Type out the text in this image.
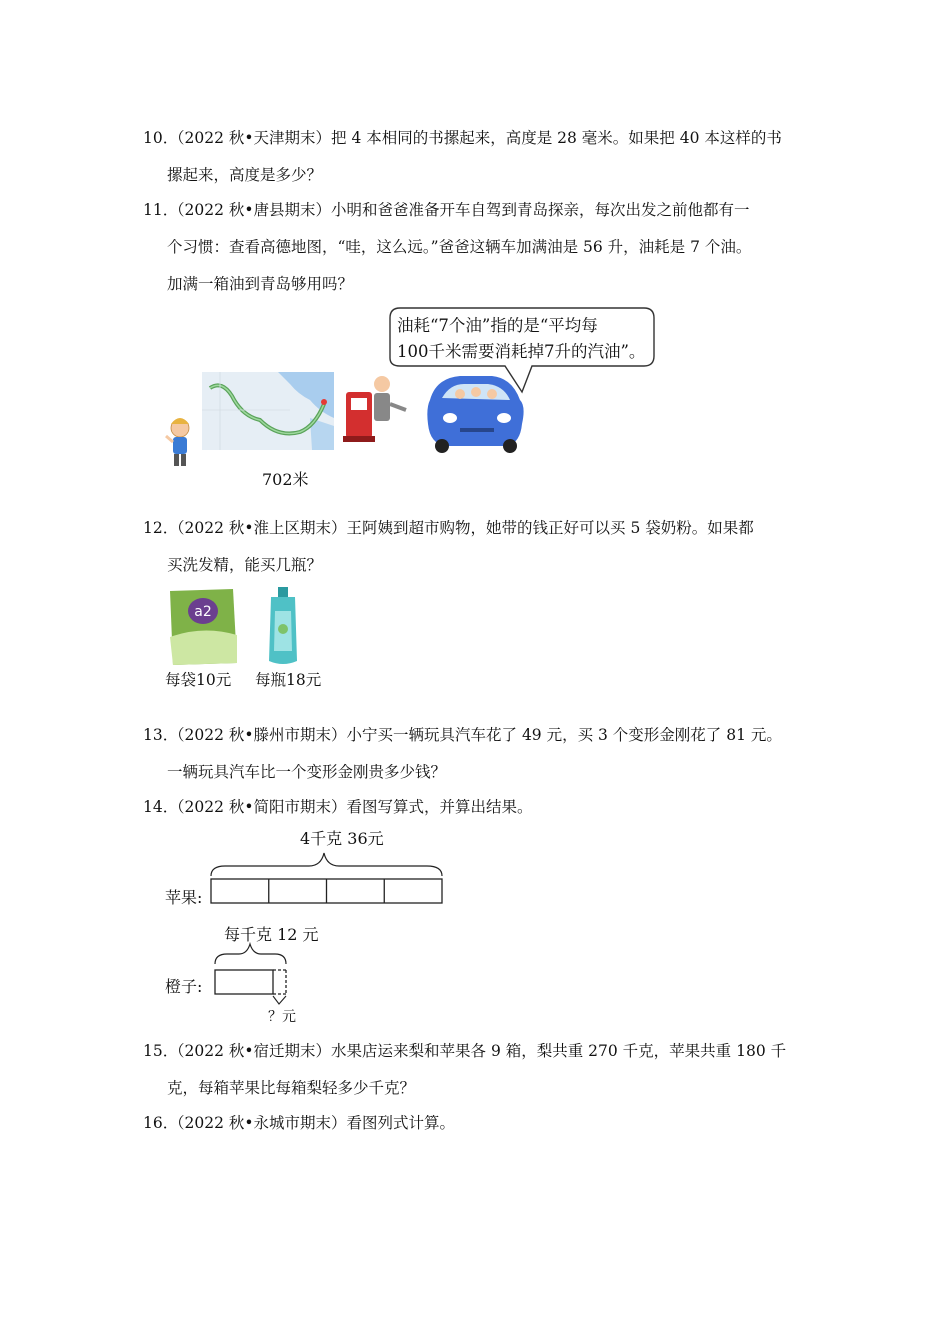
10．（2022 秋•天津期末）把 4 本相同的书摞起来，高度是 28 毫米。如果把 40 本这样的书
摞起来，高度是多少？
11．（2022 秋•唐县期末）小明和爸爸准备开车自驾到青岛探亲，每次出发之前他都有一
个习惯：查看高德地图，“哇，这么远。”爸爸这辆车加满油是 56 升，油耗是 7 个油。
加满一箱油到青岛够用吗？
油耗“7个油”指的是“平均每
100千米需要消耗掉7升的汽油”。
702米
12．（2022 秋•淮上区期末）王阿姨到超市购物，她带的钱正好可以买 5 袋奶粉。如果都
买洗发精，能买几瓶？
a2
每袋10元 每瓶18元
13．（2022 秋•滕州市期末）小宁买一辆玩具汽车花了 49 元，买 3 个变形金刚花了 81 元。
一辆玩具汽车比一个变形金刚贵多少钱？
14．（2022 秋•简阳市期末）看图写算式，并算出结果。
4千克 36元
苹果:
每千克 12 元
橙子:
？元
15．（2022 秋•宿迁期末）水果店运来梨和苹果各 9 箱，梨共重 270 千克，苹果共重 180 千
克，每箱苹果比每箱梨轻多少千克？
16．（2022 秋•永城市期末）看图列式计算。
